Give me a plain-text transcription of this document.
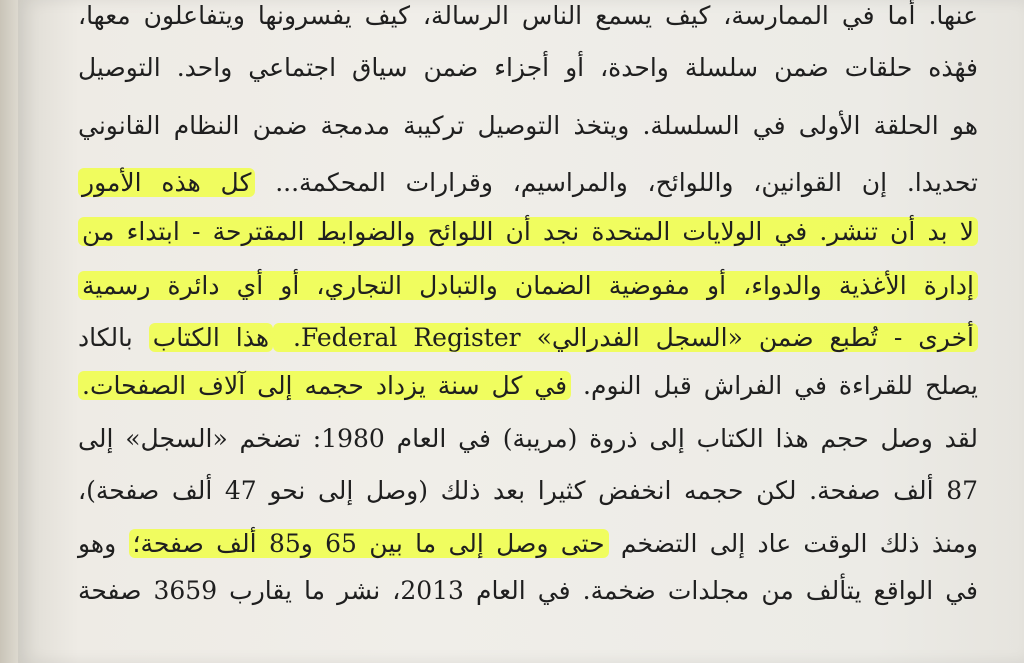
عنها. أما في الممارسة، كيف يسمع الناس الرسالة، كيف يفسرونها ويتفاعلون معها،
فهذه حلقات ضمن سلسلة واحدة، أو أجزاء ضمن سياق اجتماعي واحد. التوصيل
هو الحلقة الأولى في السلسلة. ويتخذ التوصيل تركيبة مدمجة ضمن النظام القانوني
تحديدا. إن القوانين، واللوائح، والمراسيم، وقرارات المحكمة... كل هذه الأمور
لا بد أن تنشر. في الولايات المتحدة نجد أن اللوائح والضوابط المقترحة - ابتداء من
إدارة الأغذية والدواء، أو مفوضية الضمان والتبادل التجاري، أو أي دائرة رسمية
أخرى - تُطبع ضمن «السجل الفدرالي» Federal Register. هذا الكتاب بالكاد
يصلح للقراءة في الفراش قبل النوم. في كل سنة يزداد حجمه إلى آلاف الصفحات.
لقد وصل حجم هذا الكتاب إلى ذروة (مريبة) في العام 1980: تضخم «السجل» إلى
87 ألف صفحة. لكن حجمه انخفض كثيرا بعد ذلك (وصل إلى نحو 47 ألف صفحة)،
ومنذ ذلك الوقت عاد إلى التضخم حتى وصل إلى ما بين 65 و85 ألف صفحة؛ وهو
في الواقع يتألف من مجلدات ضخمة. في العام 2013، نشر ما يقارب 3659 صفحة
